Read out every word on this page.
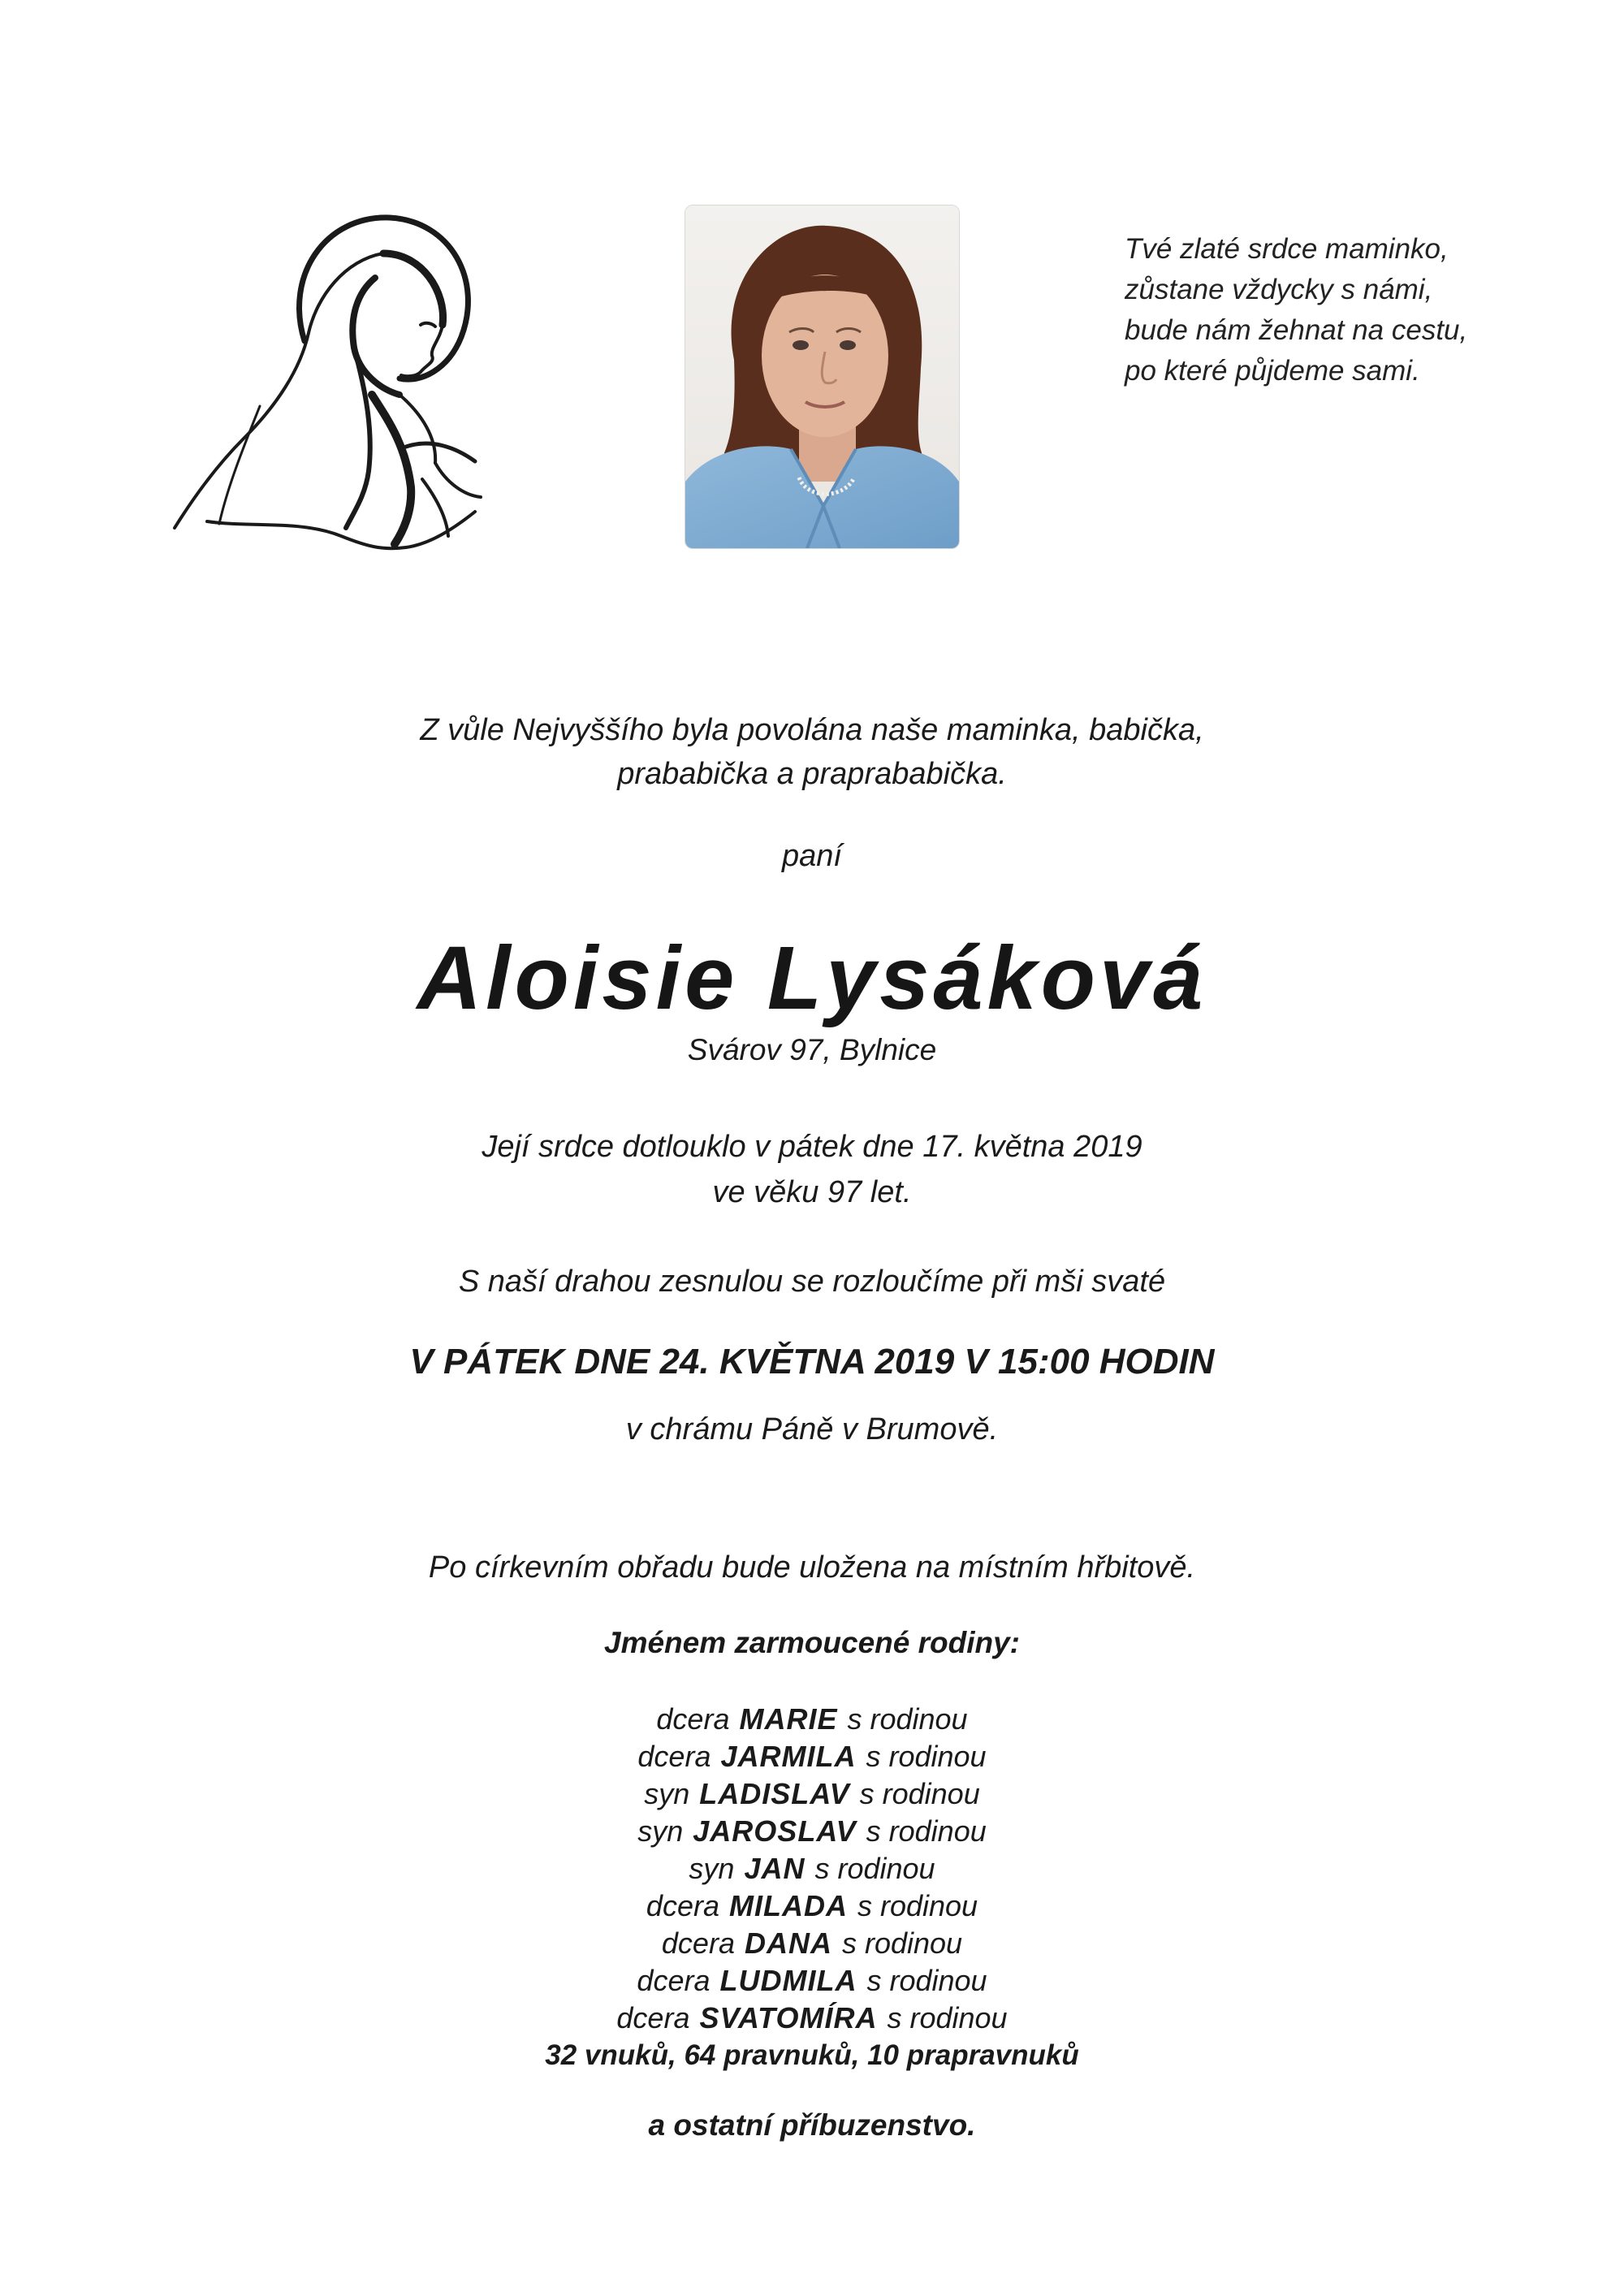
Tvé zlaté srdce maminko,
zůstane vždycky s námi,
bude nám žehnat na cestu,
po které půjdeme sami.
Z vůle Nejvyššího byla povolána naše maminka, babička,
prababička a praprababička.
paní
Aloisie Lysáková
Svárov 97, Bylnice
Její srdce dotlouklo v pátek dne 17. května 2019
ve věku 97 let.
S naší drahou zesnulou se rozloučíme při mši svaté
V PÁTEK DNE 24. KVĚTNA 2019 V 15:00 HODIN
v chrámu Páně v Brumově.
Po církevním obřadu bude uložena na místním hřbitově.
Jménem zarmoucené rodiny:
dcera MARIE s rodinou
dcera JARMILA s rodinou
syn LADISLAV s rodinou
syn JAROSLAV s rodinou
syn JAN s rodinou
dcera MILADA s rodinou
dcera DANA s rodinou
dcera LUDMILA s rodinou
dcera SVATOMÍRA s rodinou
32 vnuků, 64 pravnuků, 10 prapravnuků
a ostatní příbuzenstvo.
